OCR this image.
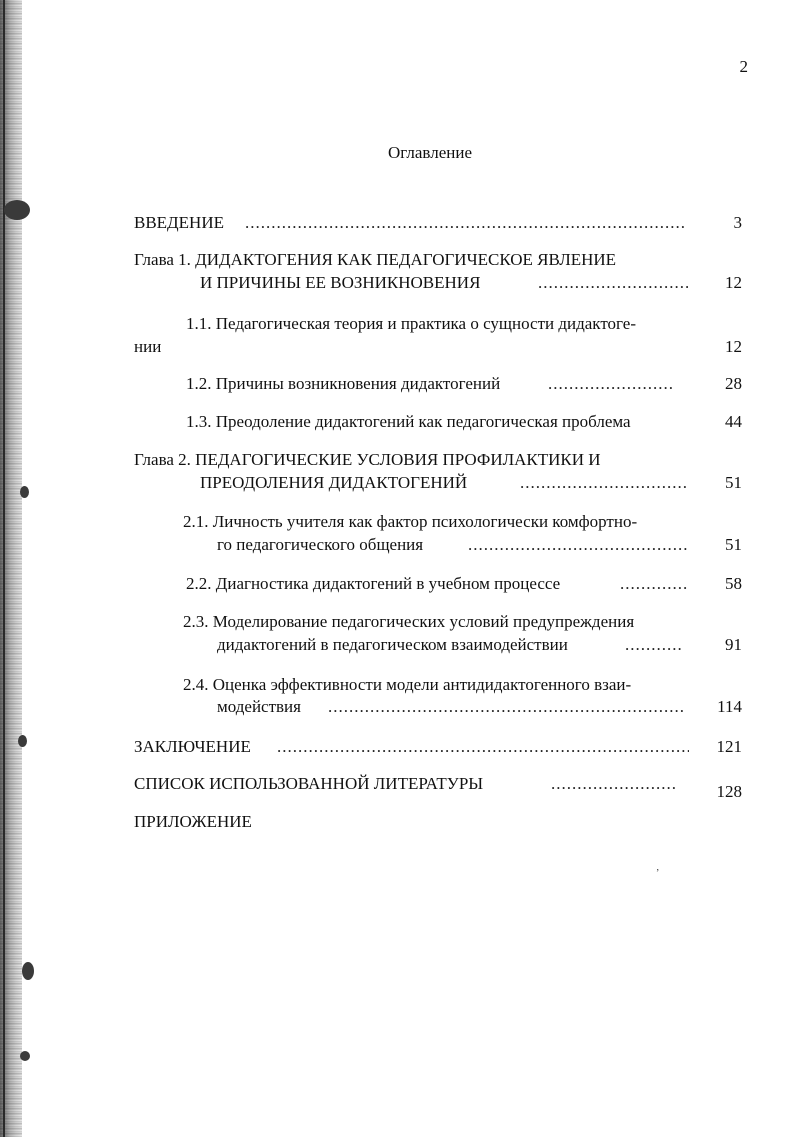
2
Оглавление
ВВЕДЕНИЕ .....	3
Глава 1. ДИДАКТОГЕНИЯ КАК ПЕДАГОГИЧЕСКОЕ ЯВЛЕНИЕ
И ПРИЧИНЫ ЕЕ ВОЗНИКНОВЕНИЯ .....	12
1.1. Педагогическая теория и практика о сущности дидактоге-
нии	12
1.2. Причины возникновения дидактогений .....	28
1.3. Преодоление дидактогений как педагогическая проблема	44
Глава 2. ПЕДАГОГИЧЕСКИЕ УСЛОВИЯ ПРОФИЛАКТИКИ И
ПРЕОДОЛЕНИЯ ДИДАКТОГЕНИЙ .....	51
2.1. Личность учителя как фактор психологически комфортно-
го педагогического общения .....	51
2.2. Диагностика дидактогений в учебном процессе .....	58
2.3. Моделирование педагогических условий предупреждения
дидактогений в педагогическом взаимодействии .....	91
2.4. Оценка эффективности модели антидидактогенного взаи-
модействия .....	114
ЗАКЛЮЧЕНИЕ .....	121
СПИСОК ИСПОЛЬЗОВАННОЙ ЛИТЕРАТУРЫ .....	128
ПРИЛОЖЕНИЕ
’
